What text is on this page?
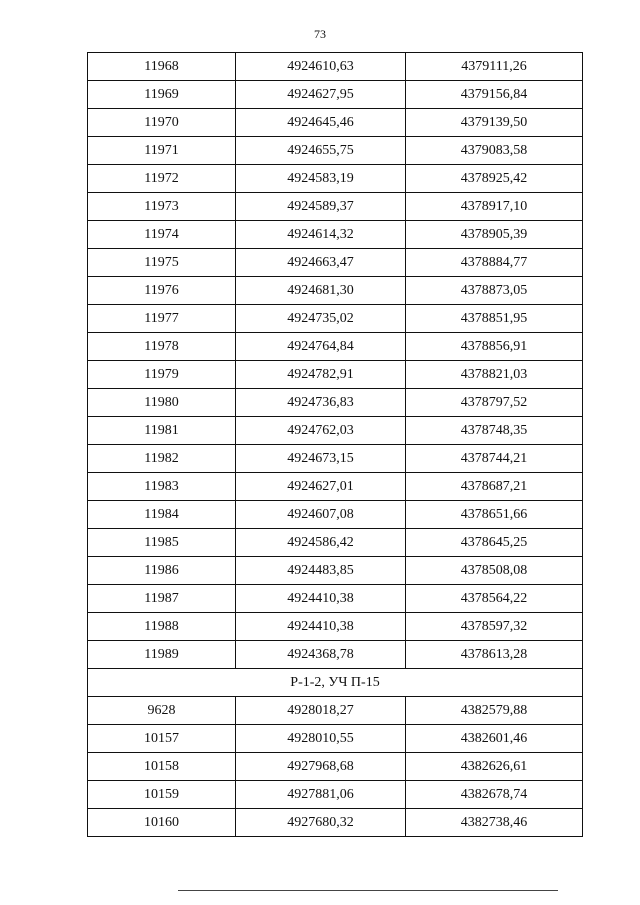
73
11968	4924610,63	4379111,26
11969	4924627,95	4379156,84
11970	4924645,46	4379139,50
11971	4924655,75	4379083,58
11972	4924583,19	4378925,42
11973	4924589,37	4378917,10
11974	4924614,32	4378905,39
11975	4924663,47	4378884,77
11976	4924681,30	4378873,05
11977	4924735,02	4378851,95
11978	4924764,84	4378856,91
11979	4924782,91	4378821,03
11980	4924736,83	4378797,52
11981	4924762,03	4378748,35
11982	4924673,15	4378744,21
11983	4924627,01	4378687,21
11984	4924607,08	4378651,66
11985	4924586,42	4378645,25
11986	4924483,85	4378508,08
11987	4924410,38	4378564,22
11988	4924410,38	4378597,32
11989	4924368,78	4378613,28
Р-1-2, УЧ П-15		
9628	4928018,27	4382579,88
10157	4928010,55	4382601,46
10158	4927968,68	4382626,61
10159	4927881,06	4382678,74
10160	4927680,32	4382738,46
